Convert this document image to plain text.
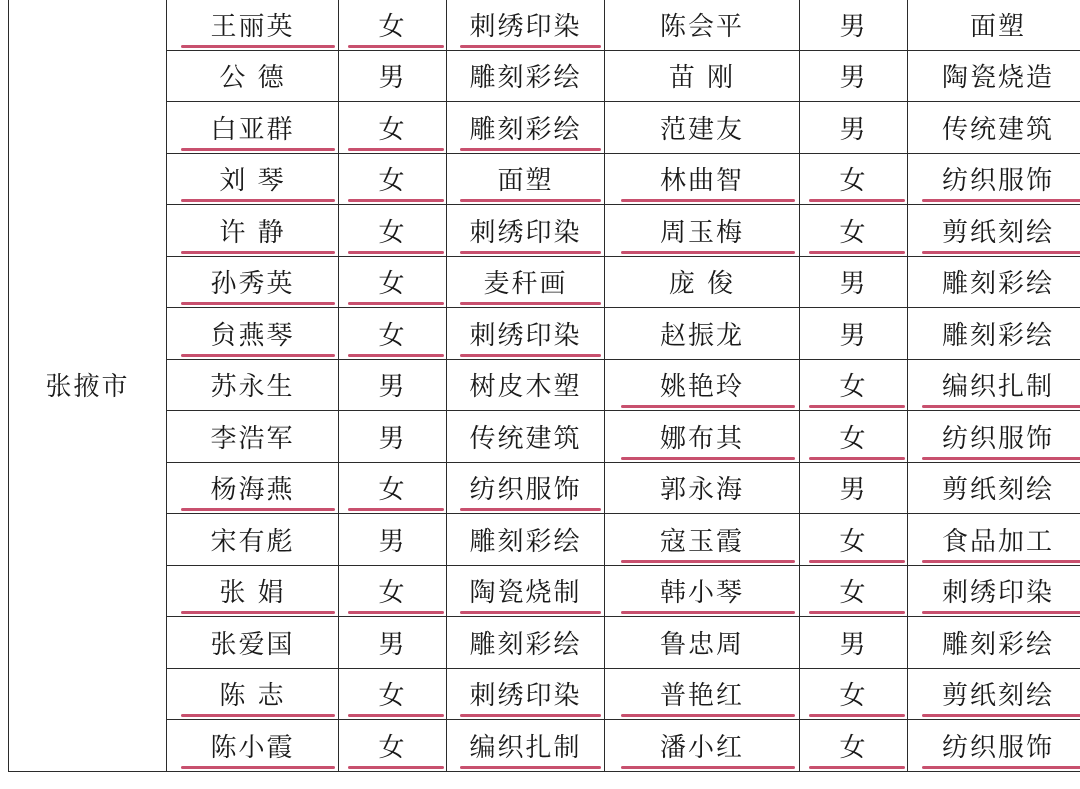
张掖市	王丽英	女	刺绣印染	陈会平	男	面塑
	公 德	男	雕刻彩绘	苗 刚	男	陶瓷烧造
	白亚群	女	雕刻彩绘	范建友	男	传统建筑
	刘 琴	女	面塑	林曲智	女	纺织服饰
	许 静	女	刺绣印染	周玉梅	女	剪纸刻绘
	孙秀英	女	麦秆画	庞 俊	男	雕刻彩绘
	贠燕琴	女	刺绣印染	赵振龙	男	雕刻彩绘
	苏永生	男	树皮木塑	姚艳玲	女	编织扎制
	李浩军	男	传统建筑	娜布其	女	纺织服饰
	杨海燕	女	纺织服饰	郭永海	男	剪纸刻绘
	宋有彪	男	雕刻彩绘	寇玉霞	女	食品加工
	张 娟	女	陶瓷烧制	韩小琴	女	刺绣印染
	张爱国	男	雕刻彩绘	鲁忠周	男	雕刻彩绘
	陈 志	女	刺绣印染	普艳红	女	剪纸刻绘
	陈小霞	女	编织扎制	潘小红	女	纺织服饰
